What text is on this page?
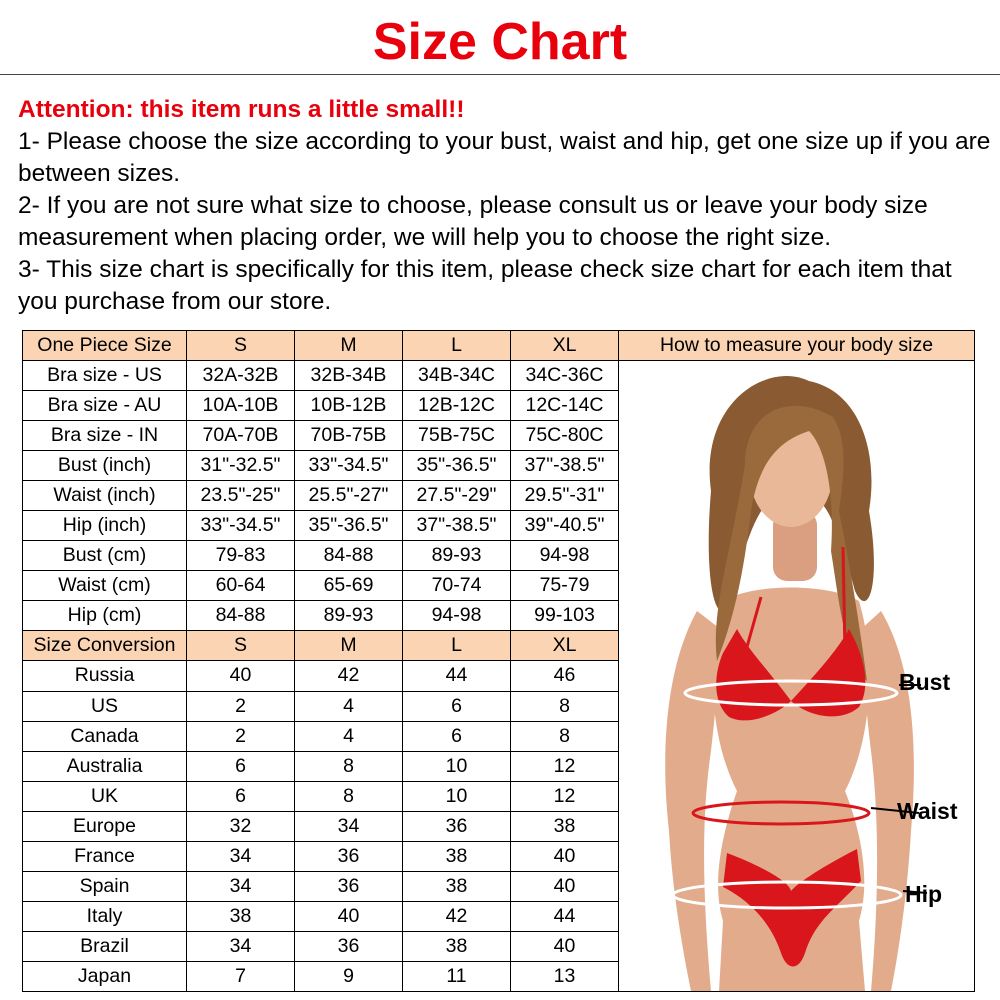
Size Chart
Attention: this item runs a little small!!
1- Please choose the size according to your bust, waist and hip, get one size up if you are between sizes.
2- If you are not sure what size to choose, please consult us or leave your body size measurement when placing order, we will help you to choose the right size.
3- This size chart is specifically for this item, please check size chart for each item that you purchase from our store.
One Piece Size	S	M	L	XL	How to measure your body size
Bra size - US	32A-32B	32B-34B	34B-34C	34C-36C	Bust
Waist
Hip

Bra size - AU	10A-10B	10B-12B	12B-12C	12C-14C	
Bra size - IN	70A-70B	70B-75B	75B-75C	75C-80C	
Bust (inch)	31"-32.5"	33"-34.5"	35"-36.5"	37"-38.5"	
Waist (inch)	23.5"-25"	25.5"-27"	27.5"-29"	29.5"-31"	
Hip (inch)	33"-34.5"	35"-36.5"	37"-38.5"	39"-40.5"	
Bust (cm)	79-83	84-88	89-93	94-98	
Waist (cm)	60-64	65-69	70-74	75-79	
Hip (cm)	84-88	89-93	94-98	99-103	
Size Conversion	S	M	L	XL	
Russia	40	42	44	46	
US	2	4	6	8	
Canada	2	4	6	8	
Australia	6	8	10	12	
UK	6	8	10	12	
Europe	32	34	36	38	
France	34	36	38	40	
Spain	34	36	38	40	
Italy	38	40	42	44	
Brazil	34	36	38	40	
Japan	7	9	11	13	
